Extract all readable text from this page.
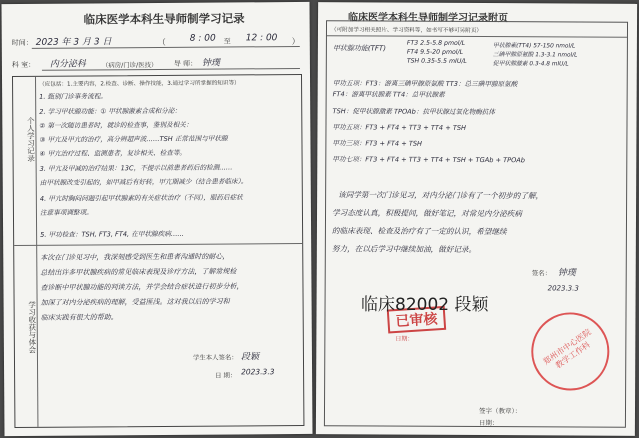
临床医学本科生导师制学习记录
时间： 2023 年 3 月 3 日	（	8 : 00 至 12 : 00 ）
科 室： 内分泌科 （病房/门诊/医技） 导 师： 钟璞
个人学习记录
学习收获与体会
（应包括：1.主要内容，2.检查、诊断、操作技能，3.通过学习所掌握的知识等）
1. 甄别门诊事务流程。
2. 学习甲状腺功能：① 甲状腺激素合成和分泌：
② 第一次随访患者时，就诊的检查事，鉴别及相关：
③ 甲亢及甲亢的治疗，高分辨超声波……TSH 正常范围与甲状腺
④ 甲亢治疗过程、监测患者，复诊相关、检查等。
3. 甲亢及甲减的治疗结果：13C，不提示以前患者药后的检测……
由甲状腺改变引起的，如甲减后有好转，甲亢期减少（结合患者临床）。
4. 甲亢时胸闷问题引起甲状腺素的有关症状治疗（不同），服药后症状
注意事项调整项。
5. 甲功检查：TSH, FT3, FT4, 在甲状腺疾病……
本次在门诊见习中，我深刻感受到医生和患者沟通时的耐心，
总结出许多甲状腺疾病的常见临床表现及诊疗方法，了解常规检
查诊断中甲状腺功能的判读方法，并学会结合症状进行初步分析，
加深了对内分泌疾病的理解，受益匪浅。这对我以后的学习和
临床实践有很大的帮助。
学生本人签名： 段颖
日 期： 2023.3.3
临床医学本科生导师制学习记录附页
（可附加学习相关照片、学习资料等，如书写不够可另附页）
甲状腺功能(TFT)
FT3 2.5-5.8 pmol/L
FT4 9.5-20 pmol/L
TSH 0.35-5.5 mIU/L
甲状腺素(TT4) 57-150 nmol/L
三碘甲腺原氨酸 1.3-3.1 nmol/L
促甲状腺激素 0.3-4.8 mIU/L
甲功五项：FT3：游离三碘甲腺原氨酸 TT3：总三碘甲腺原氨酸
FT4：游离甲状腺素 TT4：总甲状腺素
TSH：促甲状腺激素 TPOAb：抗甲状腺过氧化物酶抗体
甲功五项：FT3 + FT4 + TT3 + TT4 + TSH
甲功三项：FT3 + FT4 + TSH
甲功七项：FT3 + FT4 + TT3 + TT4 + TSH + TGAb + TPOAb
该同学第一次门诊见习，对内分泌门诊有了一个初步的了解，
学习态度认真，积极提问，做好笔记，对常见内分泌疾病
的临床表现、检查及治疗有了一定的认识，希望继续
努力，在以后学习中继续加油，做好记录。
签名： 钟璞
2023.3.3
已审核
日期：	郑州市中心医院 教学工作科
签字（教章）：
日期：
临床82002 段颖
